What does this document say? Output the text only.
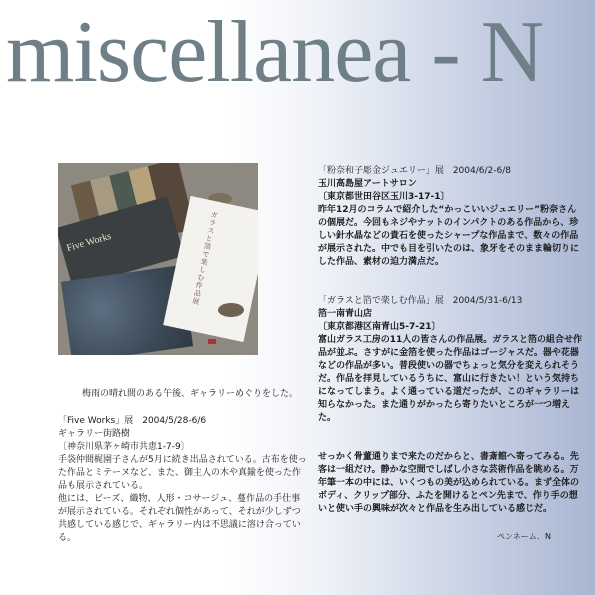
miscellanea - N
Five Works	ガラスと箔で楽しむ作品展
梅雨の晴れ間のある午後、ギャラリーめぐりをした。

「Five Works」展　2004/5/28-6/6

ギャラリー街路樹

〔神奈川県茅ヶ崎市共恵1-7-9〕

手袋仲間梶園子さんが5月に続き出品されている。古布を使った作品とミテーヌなど、また、御主人の木や真鍮を使った作品も展示されている。

他には、ビーズ、織物、人形・コサージュ、蔓作品の手仕事が展示されている。それぞれ個性があって、それが少しずつ共感している感じで、ギャラリー内は不思議に溶け合っている。

「粉奈和子彫金ジュエリー」展　2004/6/2-6/8

玉川高島屋アートサロン

〔東京都世田谷区玉川3-17-1〕

昨年12月のコラムで紹介した“かっこいいジュエリー”粉奈さんの個展だ。今回もネジやナットのインパクトのある作品から、珍しい針水晶などの貴石を使ったシャープな作品まで、数々の作品が展示された。中でも目を引いたのは、象牙をそのまま輪切りにした作品、素材の迫力満点だ。

「ガラスと箔で楽しむ作品」展　2004/5/31-6/13

箔一南青山店

〔東京都港区南青山5-7-21〕

富山ガラス工房の11人の皆さんの作品展。ガラスと箔の組合せ作品が並ぶ。さすがに金箔を使った作品はゴージャスだ。器や花器などの作品が多い。普段使いの器でちょっと気分を変えられそうだ。作品を拝見しているうちに、富山に行きたい！という気持ちになってしまう。よく通っている道だったが、このギャラリーは知らなかった。また通りがかったら寄りたいところが一つ増えた。

せっかく骨董通りまで来たのだからと、書斎館へ寄ってみる。先客は一組だけ。静かな空間でしばし小さな芸術作品を眺める。万年筆一本の中には、いくつもの美が込められている。まず全体のボディ、クリップ部分、ふたを開けるとペン先まで、作り手の想いと使い手の興味が次々と作品を生み出している感じだ。

ペンネーム．N
